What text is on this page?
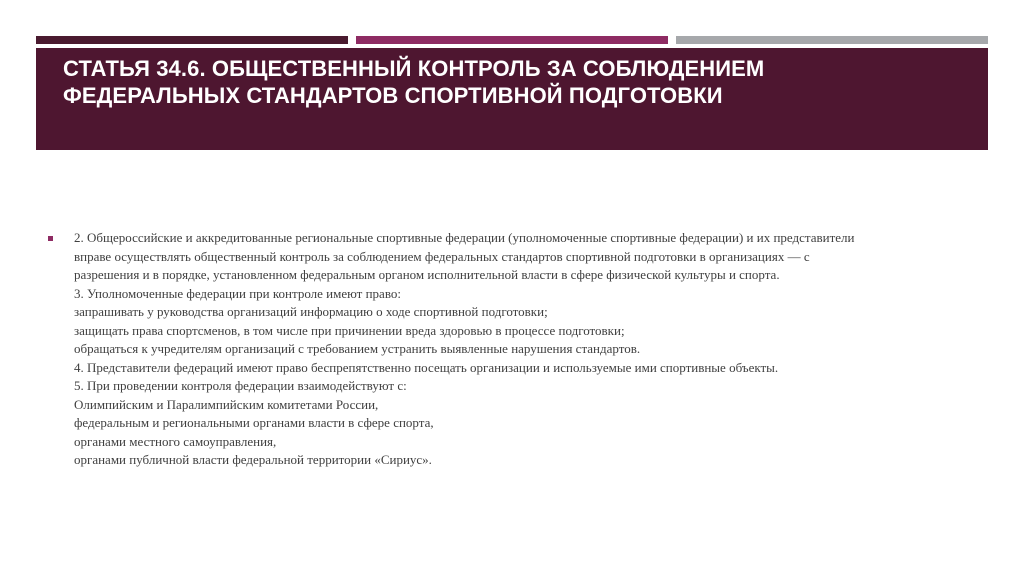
СТАТЬЯ 34.6. ОБЩЕСТВЕННЫЙ КОНТРОЛЬ ЗА СОБЛЮДЕНИЕМ
ФЕДЕРАЛЬНЫХ СТАНДАРТОВ СПОРТИВНОЙ ПОДГОТОВКИ
2. Общероссийские и аккредитованные региональные спортивные федерации (уполномоченные спортивные федерации) и их представители
вправе осуществлять общественный контроль за соблюдением федеральных стандартов спортивной подготовки в организациях — с
разрешения и в порядке, установленном федеральным органом исполнительной власти в сфере физической культуры и спорта.
3. Уполномоченные федерации при контроле имеют право:
запрашивать у руководства организаций информацию о ходе спортивной подготовки;
защищать права спортсменов, в том числе при причинении вреда здоровью в процессе подготовки;
обращаться к учредителям организаций с требованием устранить выявленные нарушения стандартов.
4. Представители федераций имеют право беспрепятственно посещать организации и используемые ими спортивные объекты.
5. При проведении контроля федерации взаимодействуют с:
Олимпийским и Паралимпийским комитетами России,
федеральным и региональными органами власти в сфере спорта,
органами местного самоуправления,
органами публичной власти федеральной территории «Сириус».
